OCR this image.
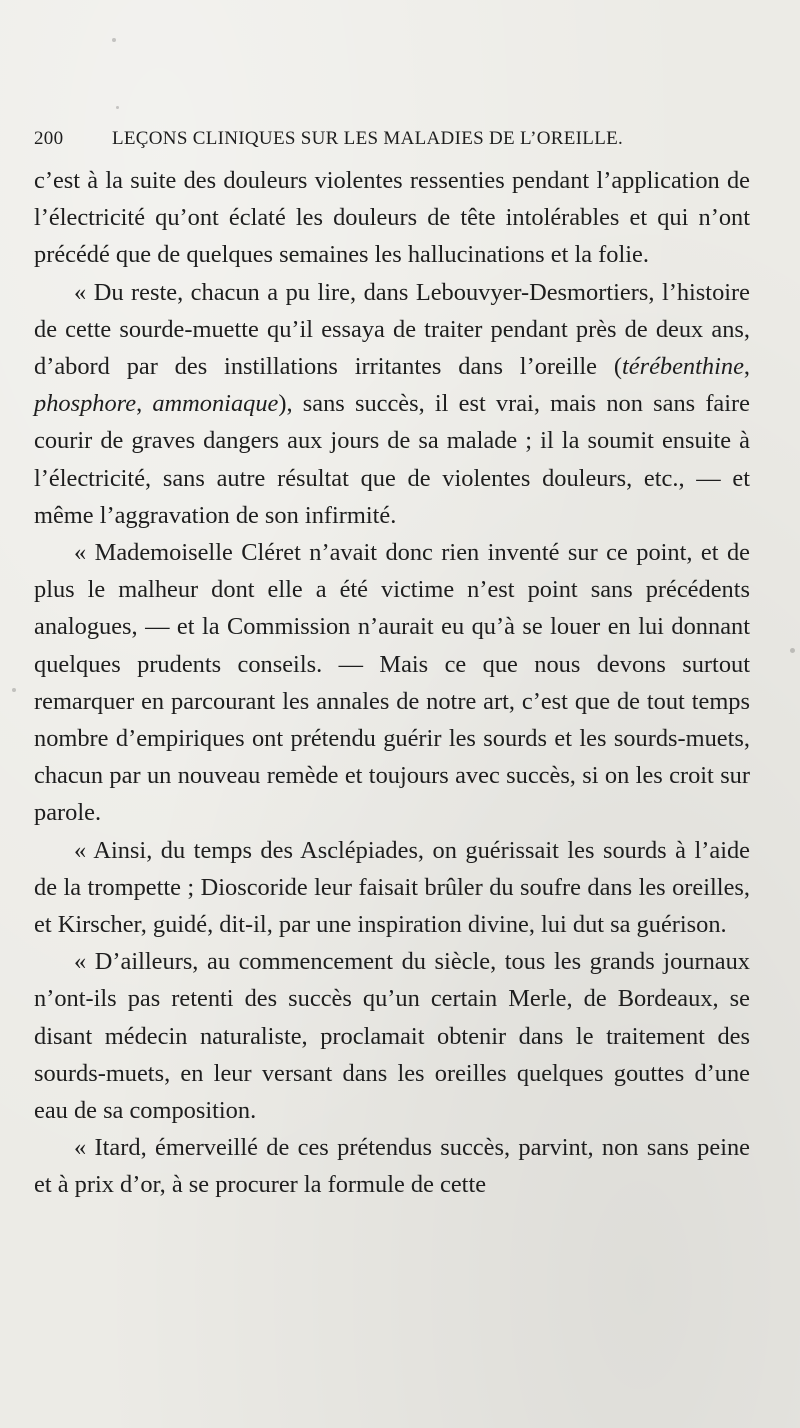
200	LEÇONS CLINIQUES SUR LES MALADIES DE L’OREILLE.

c’est à la suite des douleurs violentes ressenties pendant l’application de l’électricité qu’ont éclaté les douleurs de tête intolérables et qui n’ont précédé que de quelques semaines les hallucinations et la folie.

« Du reste, chacun a pu lire, dans Lebouvyer-Desmortiers, l’histoire de cette sourde-muette qu’il essaya de traiter pendant près de deux ans, d’abord par des instillations irritantes dans l’oreille (térébenthine, phosphore, ammoniaque), sans succès, il est vrai, mais non sans faire courir de graves dangers aux jours de sa malade ; il la soumit ensuite à l’électricité, sans autre résultat que de violentes douleurs, etc., — et même l’aggravation de son infirmité.

« Mademoiselle Cléret n’avait donc rien inventé sur ce point, et de plus le malheur dont elle a été victime n’est point sans précédents analogues, — et la Commission n’aurait eu qu’à se louer en lui donnant quelques prudents conseils. — Mais ce que nous devons surtout remarquer en parcourant les annales de notre art, c’est que de tout temps nombre d’empiriques ont prétendu guérir les sourds et les sourds-muets, chacun par un nouveau remède et toujours avec succès, si on les croit sur parole.

« Ainsi, du temps des Asclépiades, on guérissait les sourds à l’aide de la trompette ; Dioscoride leur faisait brûler du soufre dans les oreilles, et Kirscher, guidé, dit-il, par une inspiration divine, lui dut sa guérison.

« D’ailleurs, au commencement du siècle, tous les grands journaux n’ont-ils pas retenti des succès qu’un certain Merle, de Bordeaux, se disant médecin naturaliste, proclamait obtenir dans le traitement des sourds-muets, en leur versant dans les oreilles quelques gouttes d’une eau de sa composition.

« Itard, émerveillé de ces prétendus succès, parvint, non sans peine et à prix d’or, à se procurer la formule de cette
